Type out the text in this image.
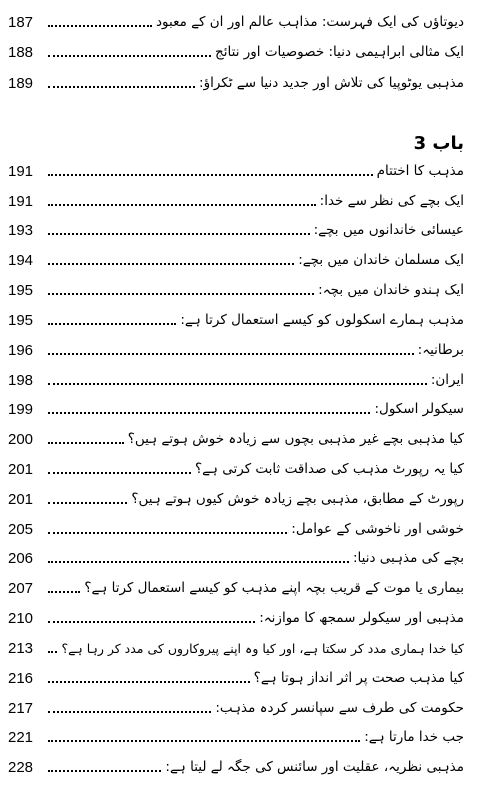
187	دیوتاؤں کی ایک فہرست: مذاہب عالم اور ان کے معبود
188	ایک مثالی ابراہیمی دنیا: خصوصیات اور نتائج
189	مذہبی یوٹوپیا کی تلاش اور جدید دنیا سے ٹکراؤ:
باب 3
191	مذہب کا اختتام
191	ایک بچے کی نظر سے خدا:
193	عیسائی خاندانوں میں بچے:
194	ایک مسلمان خاندان میں بچے:
195	ایک ہندو خاندان میں بچہ:
195	مذہب ہمارے اسکولوں کو کیسے استعمال کرتا ہے:
196	برطانیہ:
198	ایران:
199	سیکولر اسکول:
200	کیا مذہبی بچے غیر مذہبی بچوں سے زیادہ خوش ہوتے ہیں؟
201	کیا یہ رپورٹ مذہب کی صداقت ثابت کرتی ہے؟
201	رپورٹ کے مطابق، مذہبی بچے زیادہ خوش کیوں ہوتے ہیں؟
205	خوشی اور ناخوشی کے عوامل:
206	بچے کی مذہبی دنیا:
207	بیماری یا موت کے قریب بچہ اپنے مذہب کو کیسے استعمال کرتا ہے؟
210	مذہبی اور سیکولر سمجھ کا موازنہ:
213	کیا خدا ہماری مدد کر سکتا ہے، اور کیا وہ اپنے پیروکاروں کی مدد کر رہا ہے؟
216	کیا مذہب صحت پر اثر انداز ہوتا ہے؟
217	حکومت کی طرف سے سپانسر کردہ مذہب:
221	جب خدا مارتا ہے:
228	مذہبی نظریہ، عقلیت اور سائنس کی جگہ لے لیتا ہے:
